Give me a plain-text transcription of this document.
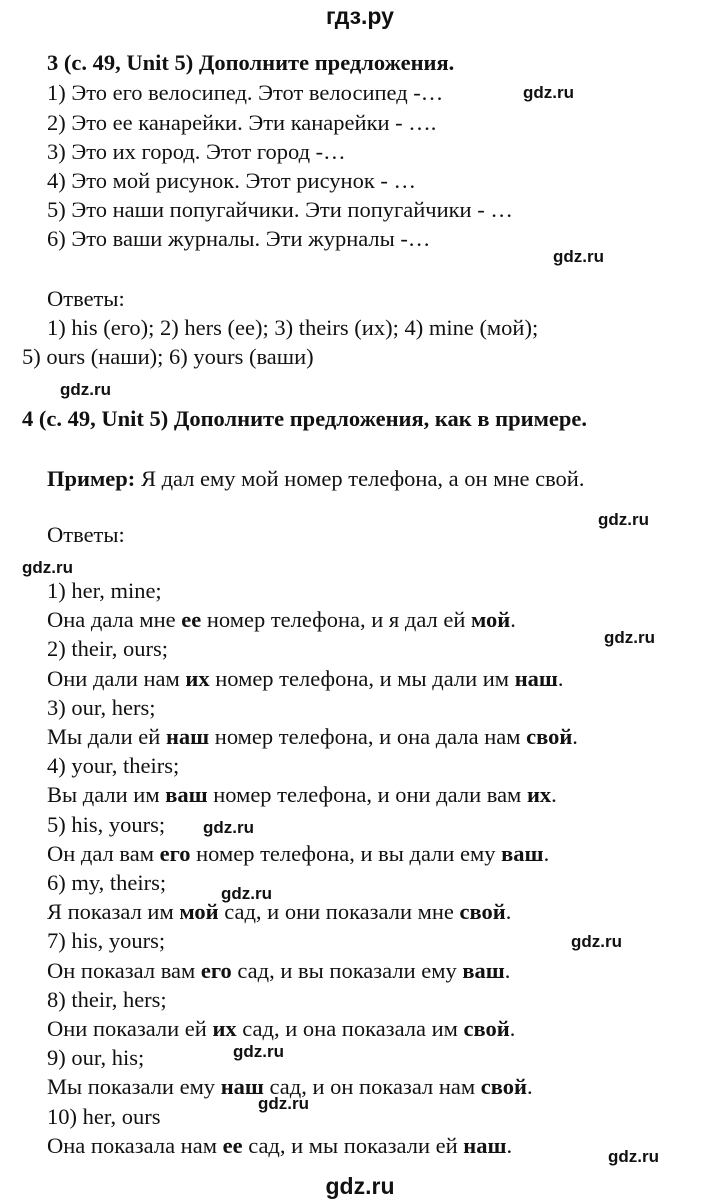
гдз.ру
3 (с. 49, Unit 5) Дополните предложения.
1) Это его велосипед. Этот велосипед -…
2) Это ее канарейки. Эти канарейки - ….
3) Это их город. Этот город -…
4) Это мой рисунок. Этот рисунок - …
5) Это наши попугайчики. Эти попугайчики - …
6) Это ваши журналы. Эти журналы -…
Ответы:
1) his (его); 2) hers (ее); 3) theirs (их); 4) mine (мой);
5) ours (наши); 6) yours (ваши)
4 (с. 49, Unit 5) Дополните предложения, как в примере.
Пример: Я дал ему мой номер телефона, а он мне свой.
Ответы:
1) her, mine;
Она дала мне ее номер телефона, и я дал ей мой.
2) their, ours;
Они дали нам их номер телефона, и мы дали им наш.
3) our, hers;
Мы дали ей наш номер телефона, и она дала нам свой.
4) your, theirs;
Вы дали им ваш номер телефона, и они дали вам их.
5) his, yours;
Он дал вам его номер телефона, и вы дали ему ваш.
6) my, theirs;
Я показал им мой сад, и они показали мне свой.
7) his, yours;
Он показал вам его сад, и вы показали ему ваш.
8) their, hers;
Они показали ей их сад, и она показала им свой.
9) our, his;
Мы показали ему наш сад, и он показал нам свой.
10) her, ours
Она показала нам ее сад, и мы показали ей наш.
gdz.ru
gdz.ru
gdz.ru
gdz.ru
gdz.ru
gdz.ru
gdz.ru
gdz.ru
gdz.ru
gdz.ru
gdz.ru
gdz.ru
gdz.ru
